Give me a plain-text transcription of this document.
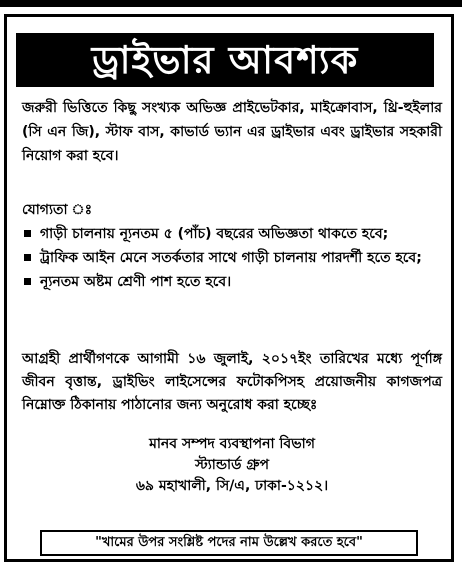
ড্রাইভার আবশ্যক
জরুরী ভিত্তিতে কিছু সংখ্যক অভিজ্ঞ প্রাইভেটকার, মাইক্রোবাস, থ্রি-হুইলার (সি এন জি), স্টাফ বাস, কাভার্ড ভ্যান এর ড্রাইভার এবং ড্রাইভার সহকারী নিয়োগ করা হবে।
যোগ্যতা ঃ
গাড়ী চালনায় ন্যূনতম ৫ (পাঁচ) বছরের অভিজ্ঞতা থাকতে হবে;
ট্রাফিক আইন মেনে সতর্কতার সাথে গাড়ী চালনায় পারদর্শী হতে হবে;
ন্যূনতম অষ্টম শ্রেণী পাশ হতে হবে।
আগ্রহী প্রার্থীগণকে আগামী ১৬ জুলাই, ২০১৭ইং তারিখের মধ্যে পূর্ণাঙ্গ জীবন বৃত্তান্ত, ড্রাইভিং লাইসেন্সের ফটোকপিসহ প্রয়োজনীয় কাগজপত্র নিম্নোক্ত ঠিকানায় পাঠানোর জন্য অনুরোধ করা হচ্ছেঃ
মানব সম্পদ ব্যবস্থাপনা বিভাগ
স্ট্যান্ডার্ড গ্রুপ
৬৯ মহাখালী, সি/এ, ঢাকা-১২১২।
"খামের উপর সংশ্লিষ্ট পদের নাম উল্লেখ করতে হবে"
